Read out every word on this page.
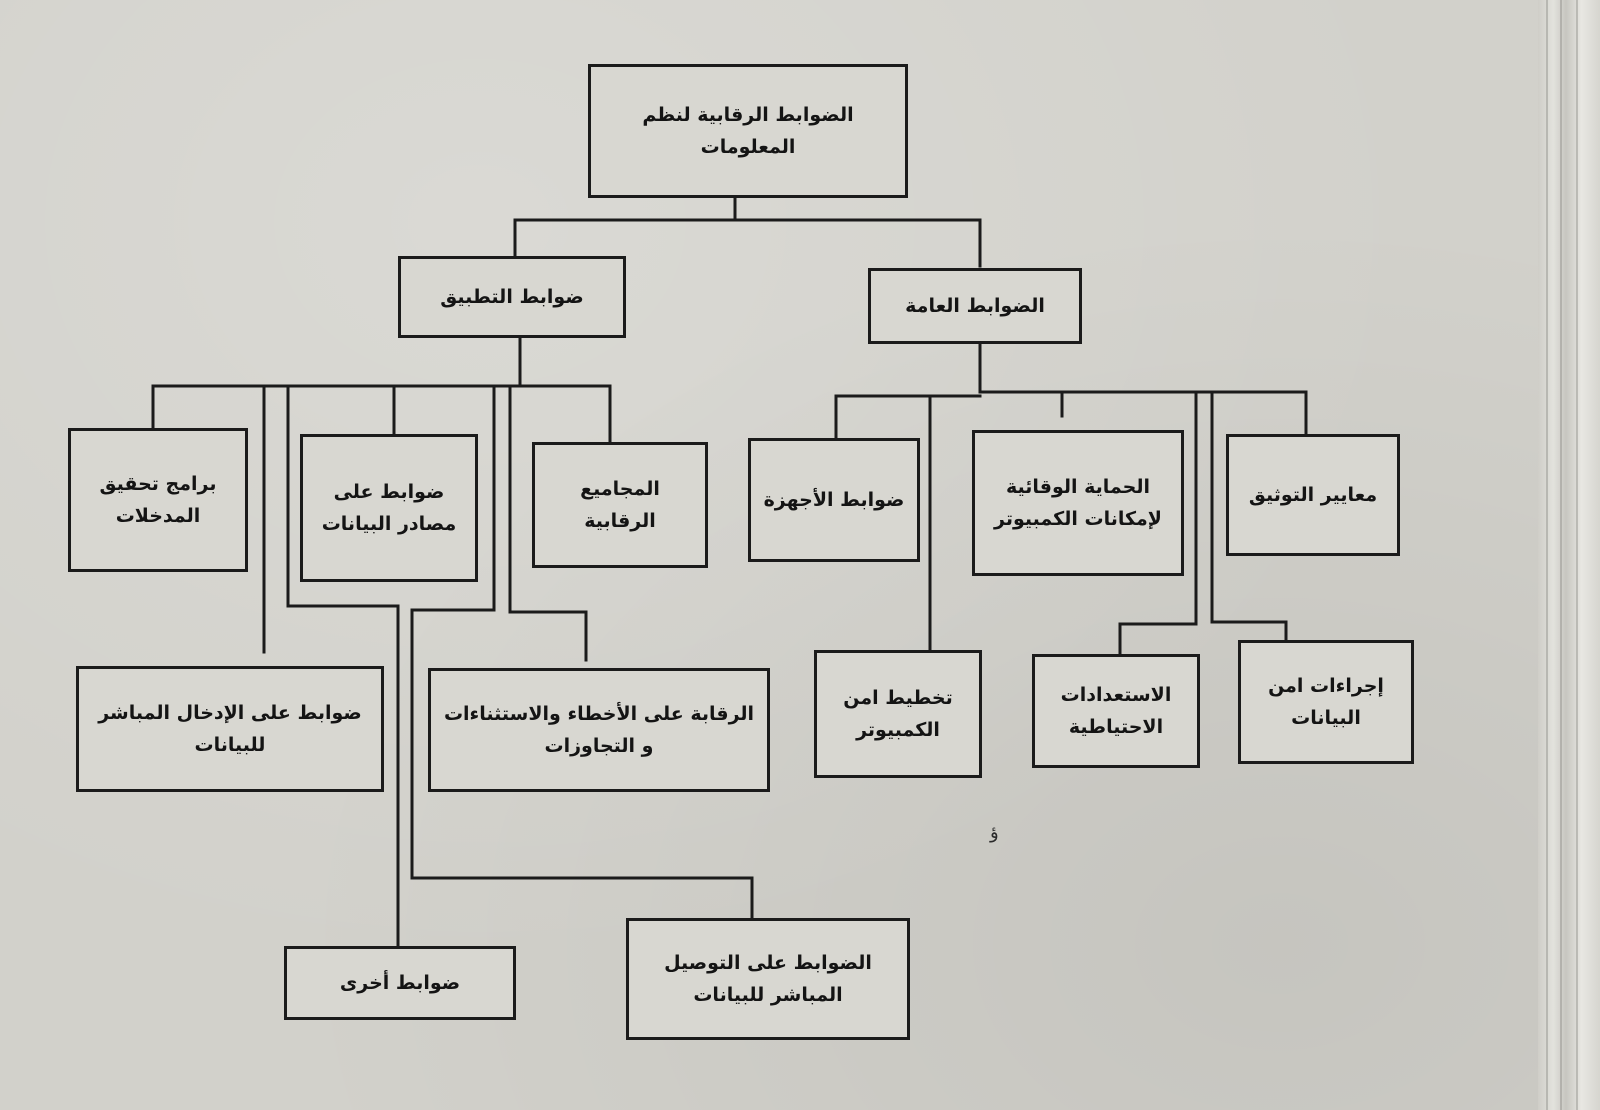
الضوابط الرقابية لنظم المعلومات
ضوابط التطبيق	الضوابط العامة
برامج تحقيق المدخلات
ضوابط على مصادر البيانات
المجاميع الرقابية
ضوابط الأجهزة
الحماية الوقائية لإمكانات الكمبيوتر
معايير التوثيق
ضوابط على الإدخال المباشر للبيانات
الرقابة على الأخطاء والاستثناءات و التجاوزات
تخطيط امن الكمبيوتر
الاستعدادات الاحتياطية
إجراءات امن البيانات
ضوابط أخرى
الضوابط على التوصيل المباشر للبيانات
ؤ
